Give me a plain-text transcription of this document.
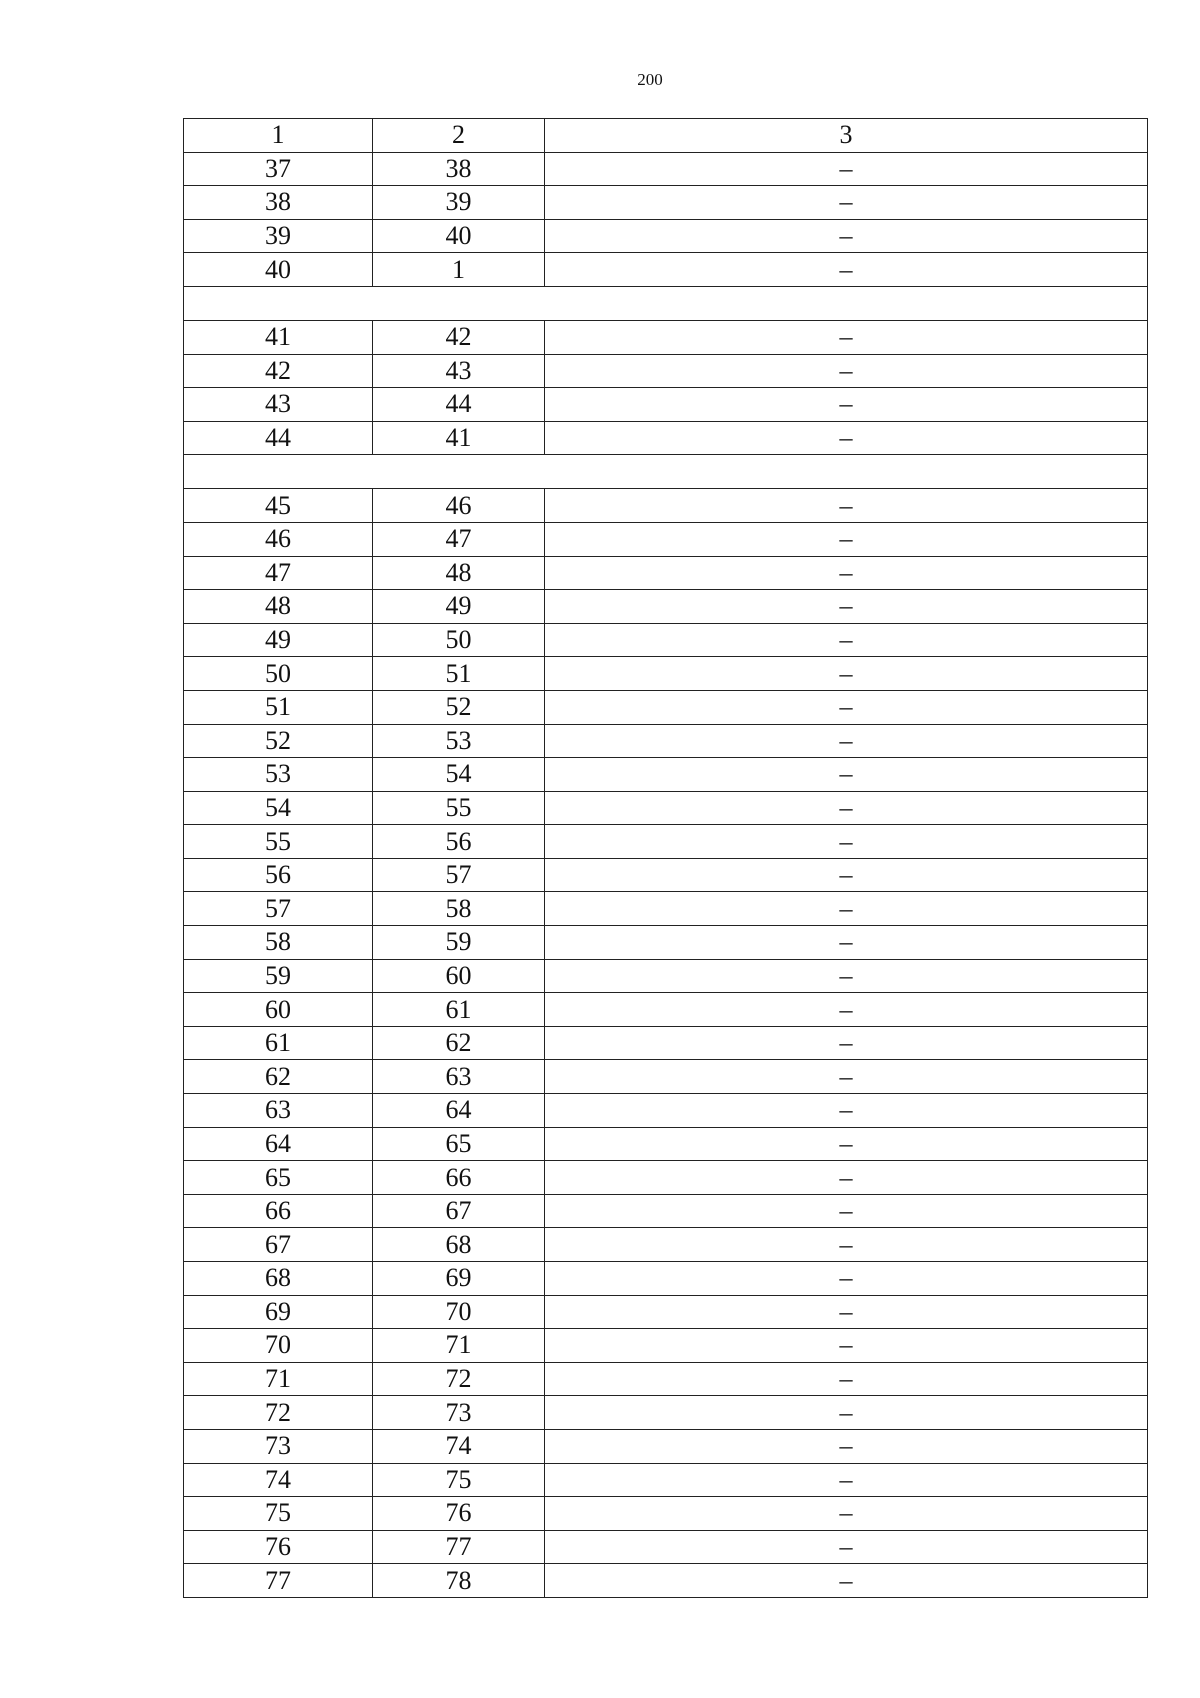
200
1	2	3
37	38	–
38	39	–
39	40	–
40	1	–

41	42	–
42	43	–
43	44	–
44	41	–

45	46	–
46	47	–
47	48	–
48	49	–
49	50	–
50	51	–
51	52	–
52	53	–
53	54	–
54	55	–
55	56	–
56	57	–
57	58	–
58	59	–
59	60	–
60	61	–
61	62	–
62	63	–
63	64	–
64	65	–
65	66	–
66	67	–
67	68	–
68	69	–
69	70	–
70	71	–
71	72	–
72	73	–
73	74	–
74	75	–
75	76	–
76	77	–
77	78	–
